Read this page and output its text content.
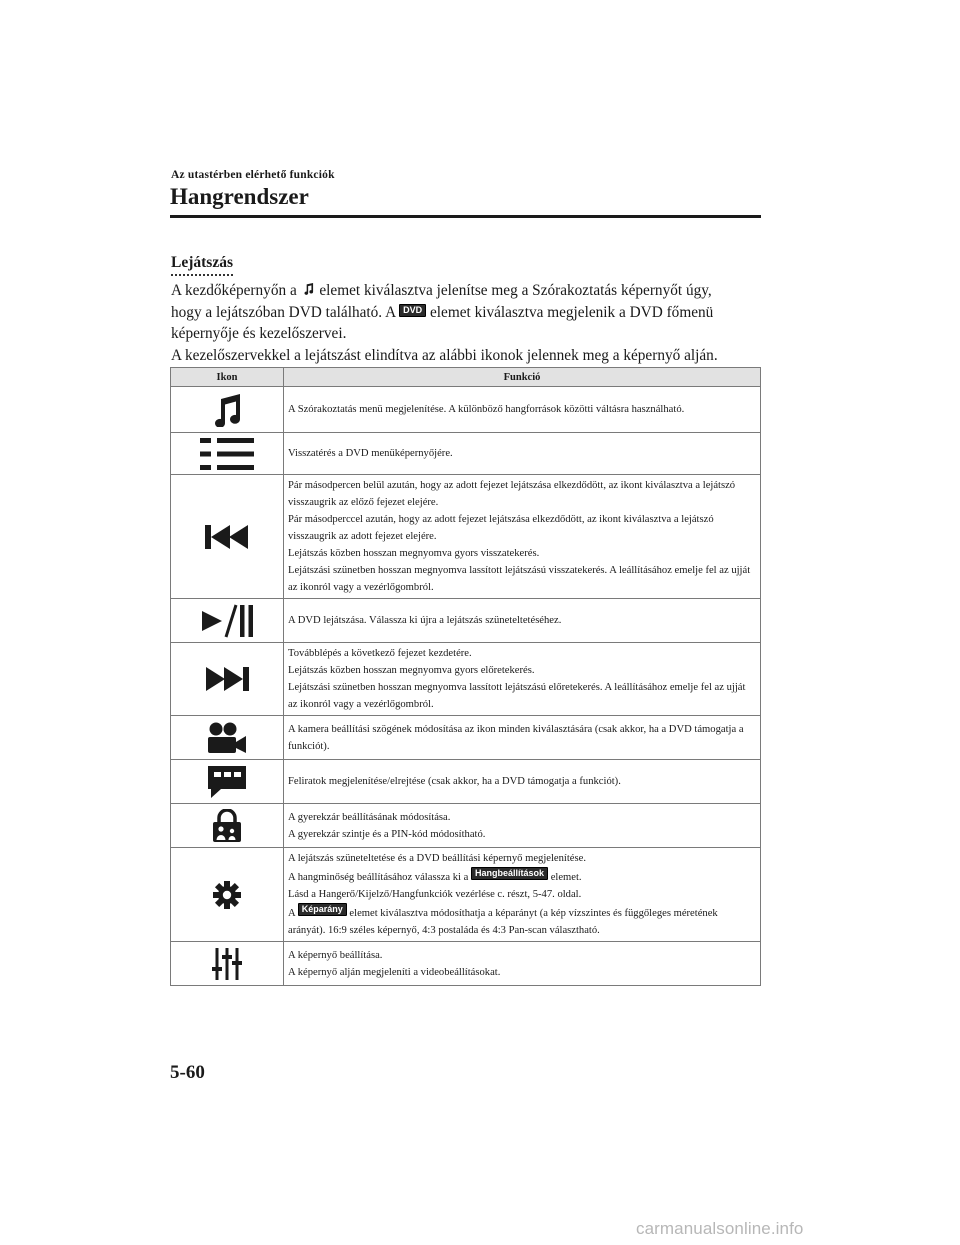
Az utastérben elérhető funkciók
Hangrendszer
Lejátszás

A kezdőképernyőn a elemet kiválasztva jelenítse meg a Szórakoztatás képernyőt úgy,

hogy a lejátszóban DVD található. A DVD elemet kiválasztva megjelenik a DVD főmenü

képernyője és kezelőszervei.

A kezelőszervekkel a lejátszást elindítva az alábbi ikonok jelennek meg a képernyő alján.

Ikon	Funkció

A Szórakoztatás menü megjelenítése. A különböző hangforrások közötti váltásra használható.

Visszatérés a DVD menüképernyőjére.

Pár másodpercen belül azután, hogy az adott fejezet lejátszása elkezdődött, az ikont kiválasztva a lejátszó visszaugrik az előző fejezet elejére.
Pár másodperccel azután, hogy az adott fejezet lejátszása elkezdődött, az ikont kiválasztva a lejátszó visszaugrik az adott fejezet elejére.
Lejátszás közben hosszan megnyomva gyors visszatekerés.
Lejátszási szünetben hosszan megnyomva lassított lejátszású visszatekerés. A leállításához emelje fel az ujját az ikonról vagy a vezérlőgombról.

A DVD lejátszása. Válassza ki újra a lejátszás szüneteltetéséhez.

Továbblépés a következő fejezet kezdetére.
Lejátszás közben hosszan megnyomva gyors előretekerés.
Lejátszási szünetben hosszan megnyomva lassított lejátszású előretekerés. A leállításához emelje fel az ujját az ikonról vagy a vezérlőgombról.

A kamera beállítási szögének módosítása az ikon minden kiválasztására (csak akkor, ha a DVD támogatja a funkciót).

Feliratok megjelenítése/elrejtése (csak akkor, ha a DVD támogatja a funkciót).

A gyerekzár beállításának módosítása.
A gyerekzár szintje és a PIN-kód módosítható.

A lejátszás szüneteltetése és a DVD beállítási képernyő megjelenítése.
A hangminőség beállításához válassza ki a Hangbeállítások elemet.
Lásd a Hangerő/Kijelző/Hangfunkciók vezérlése c. részt, 5-47. oldal.
A Képarány elemet kiválasztva módosíthatja a képarányt (a kép vízszintes és függőleges méretének arányát). 16:9 széles képernyő, 4:3 postaláda és 4:3 Pan-scan választható.

A képernyő beállítása.
A képernyő alján megjeleníti a videobeállításokat.
5-60
carmanualsonline.info
